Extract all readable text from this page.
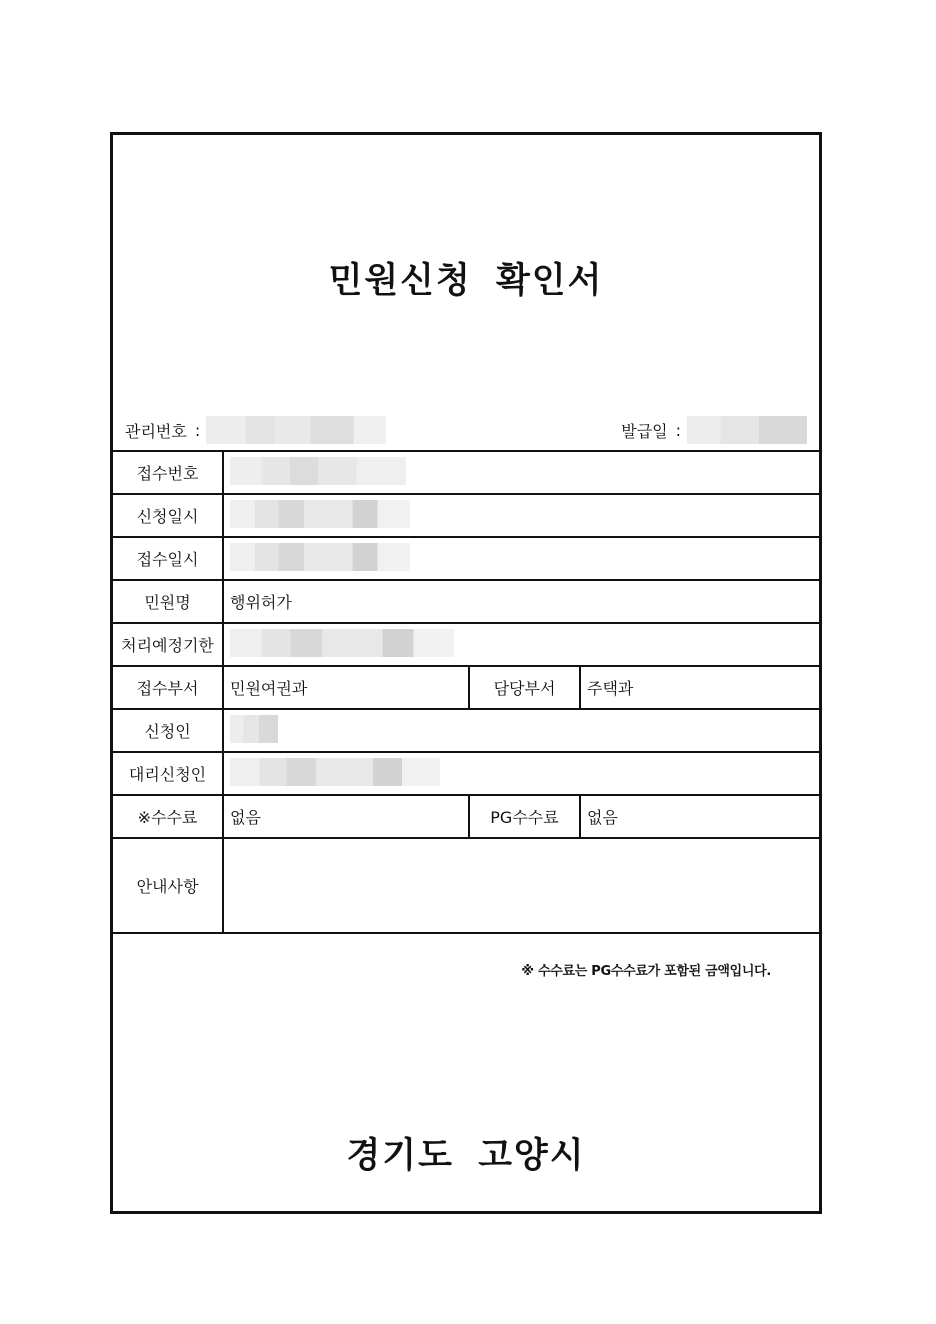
민원신청 확인서
관리번호 :	발급일 :
접수번호			
신청일시			
접수일시			
민원명	행위허가		
처리예정기한			
접수부서	민원여권과	담당부서	주택과
신청인			
대리신청인			
※수수료	없음	PG수수료	없음
안내사항			
※ 수수료는 PG수수료가 포함된 금액입니다.
경기도 고양시
